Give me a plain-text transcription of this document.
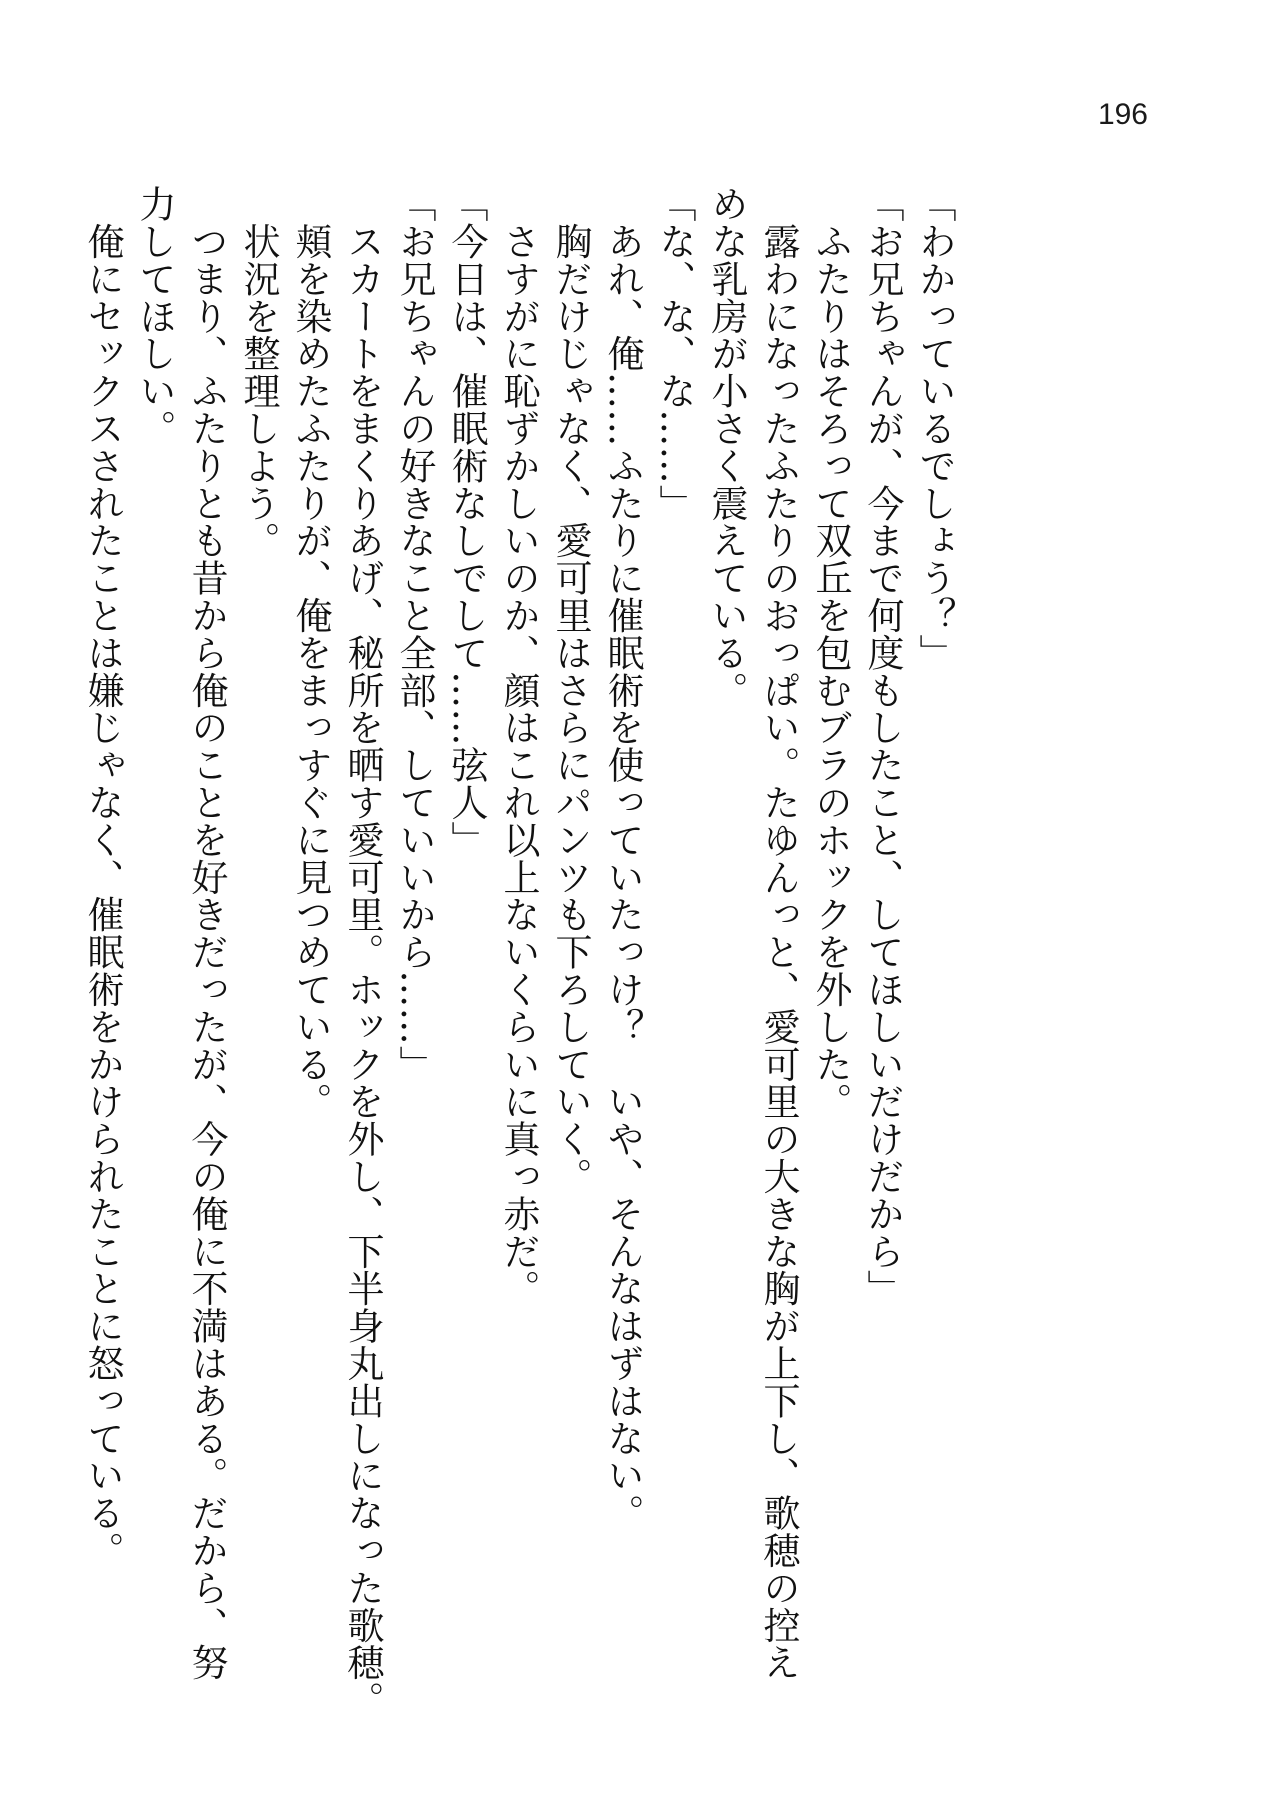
196
「わかっているでしょう？」
「お兄ちゃんが、今まで何度もしたこと、してほしいだけだから」
　ふたりはそろって双丘を包むブラのホックを外した。
　露わになったふたりのおっぱい。たゆんっと、愛可里の大きな胸が上下し、歌穂の控え
めな乳房が小さく震えている。
「な、な、な……」
　あれ、俺……ふたりに催眠術を使っていたっけ？　いや、そんなはずはない。
　胸だけじゃなく、愛可里はさらにパンツも下ろしていく。
　さすがに恥ずかしいのか、顔はこれ以上ないくらいに真っ赤だ。
「今日は、催眠術なしでして……弦人」
「お兄ちゃんの好きなこと全部、していいから……」
　スカートをまくりあげ、秘所を晒す愛可里。ホックを外し、下半身丸出しになった歌穂。
　頬を染めたふたりが、俺をまっすぐに見つめている。
　状況を整理しよう。
　つまり、ふたりとも昔から俺のことを好きだったが、今の俺に不満はある。だから、努
力してほしい。
　俺にセックスされたことは嫌じゃなく、催眠術をかけられたことに怒っている。
